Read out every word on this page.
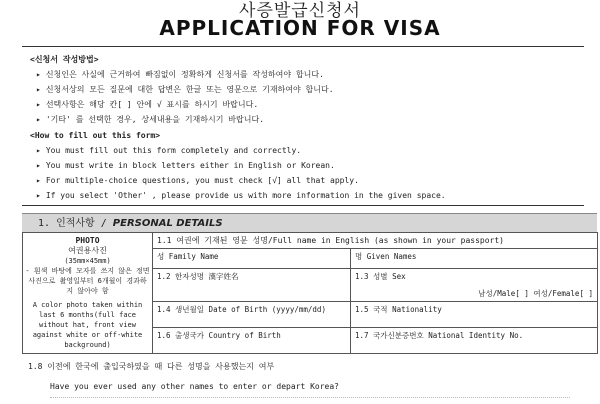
사증발급신청서
APPLICATION FOR VISA
<신청서 작성방법>
▸ 신청인은 사실에 근거하여 빠짐없이 정확하게 신청서를 작성하여야 합니다.
▸ 신청서상의 모든 질문에 대한 답변은 한글 또는 영문으로 기재하여야 합니다.
▸ 선택사항은 해당 칸[ ] 안에 √ 표시를 하시기 바랍니다.
▸ '기타' 를 선택한 경우, 상세내용을 기재하시기 바랍니다.
<How to fill out this form>
▸ You must fill out this form completely and correctly.
▸ You must write in block letters either in English or Korean.
▸ For multiple-choice questions, you must check [√] all that apply.
▸ If you select 'Other' , please provide us with more information in the given space.
1. 인적사항 / PERSONAL DETAILS
PHOTO
여권용사진
(35mm×45mm)
- 흰색 바탕에 모자를 쓰지 않은 정면 사진으로 촬영일부터 6개월이 경과하지 않아야 함
A color photo taken within last 6 months(full face without hat, front view against white or off-white background)	1.1 여권에 기재된 영문 성명/Full name in English (as shown in your passport)	

	성 Family Name	명 Given Names

	1.2 한자성명 漢字姓名	1.3 성별 Sex
남성/Male[ ] 여성/Female[ ]

	1.4 생년월일 Date of Birth (yyyy/mm/dd)	1.5 국적 Nationality

	1.6 출생국가 Country of Birth	1.7 국가신분증번호 National Identity No.
1.8 이전에 한국에 출입국하였을 때 다른 성명을 사용했는지 여부
Have you ever used any other names to enter or depart Korea?
